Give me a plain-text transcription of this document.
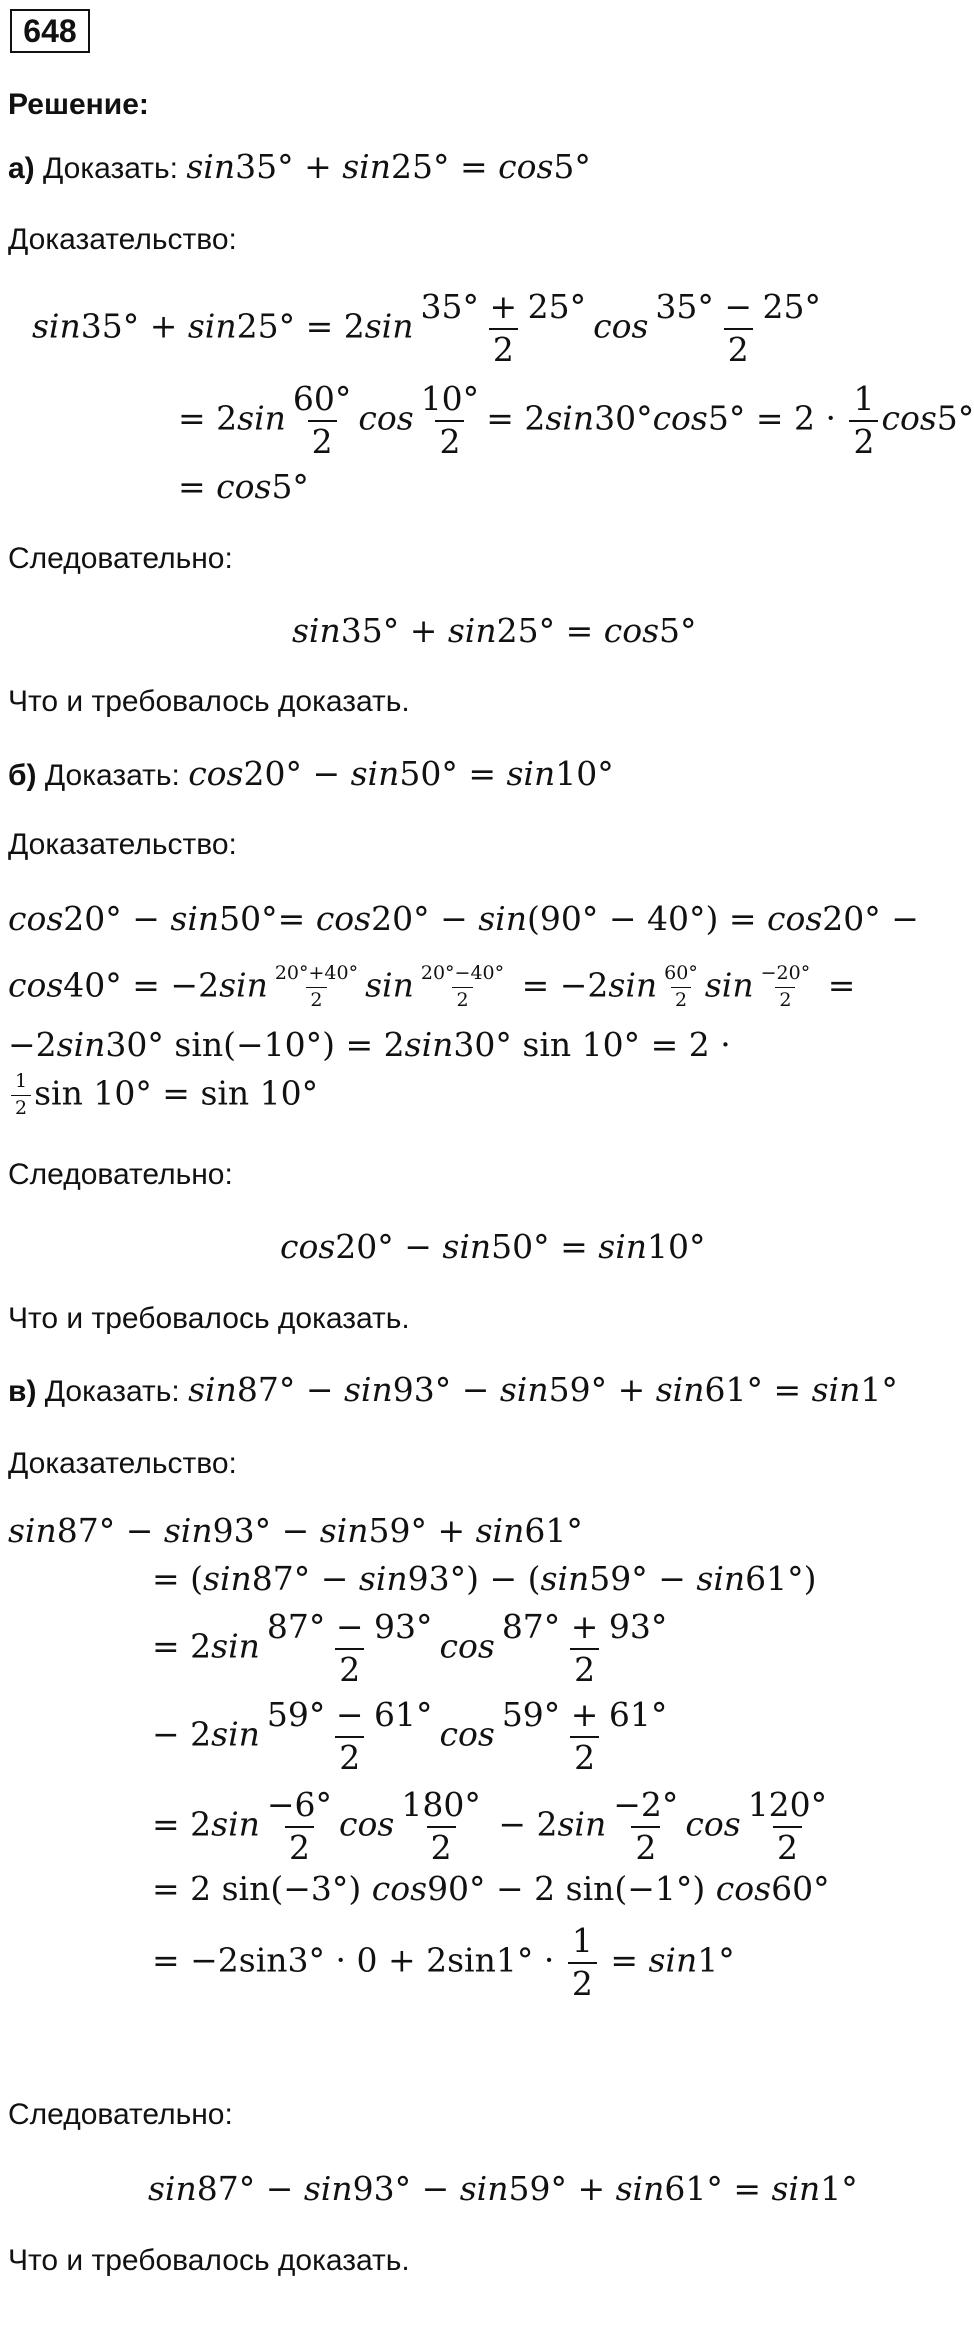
648
Решение:
а) Доказать: sin35° + sin25° = cos5°
Доказательство:
$\sin 35^\circ + \sin 25^\circ = 2\sin \frac{35^\circ + 25^\circ}{2}$ $\cos \frac{35^\circ - 25^\circ}{2}$
= $2\sin \frac{60^\circ}{2}$ $\cos \frac{10^\circ}{2} = 2\sin 30^\circ\cos 5^\circ = 2 \cdot \frac{1}{2} \cos 5^\circ$
= cos5°
Следовательно:
sin35° + sin25° = cos5°
Что и требовалось доказать.
б) Доказать: cos20° − sin50° = sin10°
Доказательство:
cos20° − sin50°= cos20° − sin(90° − 40°) = cos20° −
$\cos 40^\circ = -2\sin \frac{20^\circ+40^\circ}{2}$ $\sin \frac{20^\circ-40^\circ}{2} = -2\sin \frac{60^\circ}{2}$ $\sin \frac{-20^\circ}{2}$ =
−2sin30° sin(−10°) = 2sin30° sin 10° = 2 ·
$\frac{1}{2}$ sin 10° = sin 10°
Следовательно:
cos20° − sin50° = sin10°
Что и требовалось доказать.
в) Доказать: sin87° − sin93° − sin59° + sin61° = sin1°
Доказательство:
sin87° − sin93° − sin59° + sin61°
= (sin87° − sin93°) − (sin59° − sin61°)
= $2\sin \frac{87^\circ - 93^\circ}{2}$ $\cos \frac{87^\circ + 93^\circ}{2}$
− $2\sin \frac{59^\circ - 61^\circ}{2}$ $\cos \frac{59^\circ + 61^\circ}{2}$
= $2\sin \frac{-6^\circ}{2}$ $\cos \frac{180^\circ}{2} - 2\sin \frac{-2^\circ}{2}$ $\cos \frac{120^\circ}{2}$
= 2 sin(−3°) cos90° − 2 sin(−1°) cos60°
= $-2\sin 3^\circ \cdot 0 + 2\sin 1^\circ \cdot \frac{1}{2} = \sin 1^\circ$
Следовательно:
sin87° − sin93° − sin59° + sin61° = sin1°
Что и требовалось доказать.
